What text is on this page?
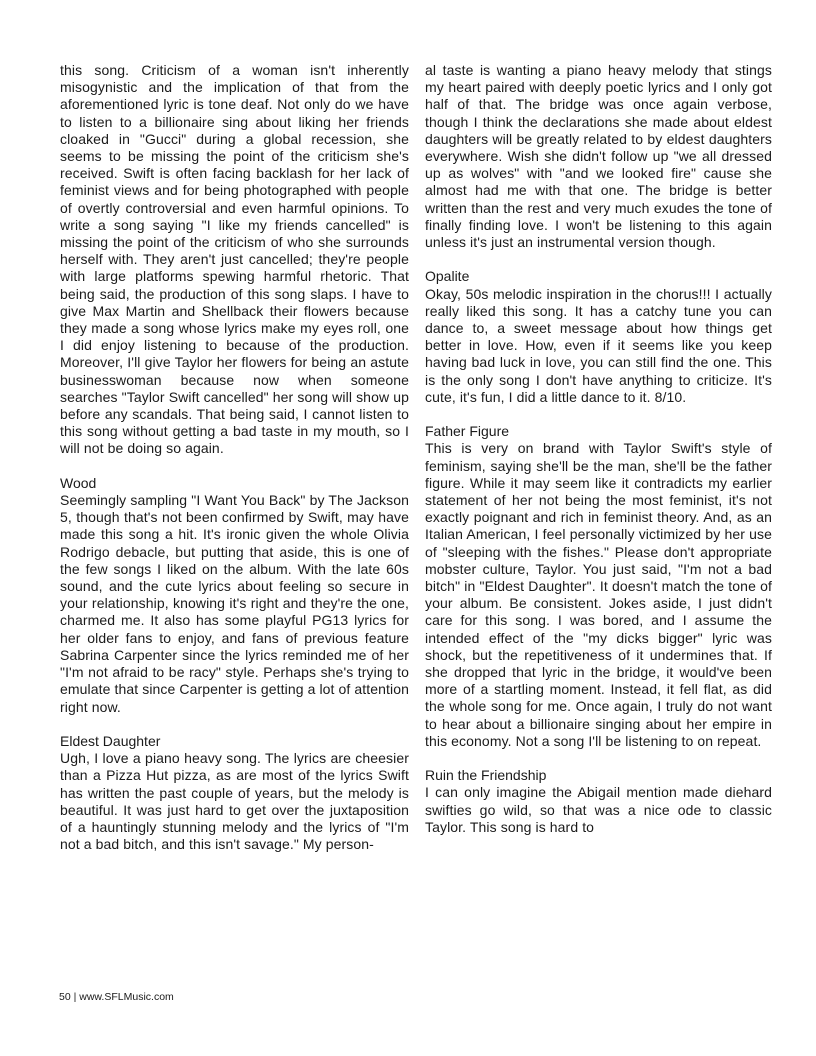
this song. Criticism of a woman isn't inherently misogynistic and the implication of that from the aforementioned lyric is tone deaf. Not only do we have to listen to a billionaire sing about liking her friends cloaked in "Gucci" during a global recession, she seems to be missing the point of the criticism she's received. Swift is often facing backlash for her lack of feminist views and for being photographed with people of overtly controversial and even harmful opinions. To write a song saying "I like my friends cancelled" is missing the point of the criticism of who she surrounds herself with. They aren't just cancelled; they're people with large platforms spewing harmful rhetoric. That being said, the production of this song slaps. I have to give Max Martin and Shellback their flowers because they made a song whose lyrics make my eyes roll, one I did enjoy listening to because of the production. Moreover, I'll give Taylor her flowers for being an astute businesswoman because now when someone searches "Taylor Swift cancelled" her song will show up before any scandals. That being said, I cannot listen to this song without getting a bad taste in my mouth, so I will not be doing so again.

Wood

Seemingly sampling "I Want You Back" by The Jackson 5, though that's not been confirmed by Swift, may have made this song a hit. It's ironic given the whole Olivia Rodrigo debacle, but putting that aside, this is one of the few songs I liked on the album. With the late 60s sound, and the cute lyrics about feeling so secure in your relationship, knowing it's right and they're the one, charmed me. It also has some playful PG13 lyrics for her older fans to enjoy, and fans of previous feature Sabrina Carpenter since the lyrics reminded me of her "I'm not afraid to be racy" style. Perhaps she's trying to emulate that since Carpenter is getting a lot of attention right now.

Eldest Daughter

Ugh, I love a piano heavy song. The lyrics are cheesier than a Pizza Hut pizza, as are most of the lyrics Swift has written the past couple of years, but the melody is beautiful. It was just hard to get over the juxtaposition of a hauntingly stunning melody and the lyrics of "I'm not a bad bitch, and this isn't savage." My person-

al taste is wanting a piano heavy melody that stings my heart paired with deeply poetic lyrics and I only got half of that. The bridge was once again verbose, though I think the declarations she made about eldest daughters will be greatly related to by eldest daughters everywhere. Wish she didn't follow up "we all dressed up as wolves" with "and we looked fire" cause she almost had me with that one. The bridge is better written than the rest and very much exudes the tone of finally finding love. I won't be listening to this again unless it's just an instrumental version though.

Opalite

Okay, 50s melodic inspiration in the chorus!!! I actually really liked this song. It has a catchy tune you can dance to, a sweet message about how things get better in love. How, even if it seems like you keep having bad luck in love, you can still find the one. This is the only song I don't have anything to criticize. It's cute, it's fun, I did a little dance to it. 8/10.

Father Figure

This is very on brand with Taylor Swift's style of feminism, saying she'll be the man, she'll be the father figure. While it may seem like it contradicts my earlier statement of her not being the most feminist, it's not exactly poignant and rich in feminist theory. And, as an Italian American, I feel personally victimized by her use of "sleeping with the fishes." Please don't appropriate mobster culture, Taylor. You just said, "I'm not a bad bitch" in "Eldest Daughter". It doesn't match the tone of your album. Be consistent. Jokes aside, I just didn't care for this song. I was bored, and I assume the intended effect of the "my dicks bigger" lyric was shock, but the repetitiveness of it undermines that. If she dropped that lyric in the bridge, it would've been more of a startling moment. Instead, it fell flat, as did the whole song for me. Once again, I truly do not want to hear about a billionaire singing about her empire in this economy. Not a song I'll be listening to on repeat.

Ruin the Friendship

I can only imagine the Abigail mention made diehard swifties go wild, so that was a nice ode to classic Taylor. This song is hard to

50 | www.SFLMusic.com
